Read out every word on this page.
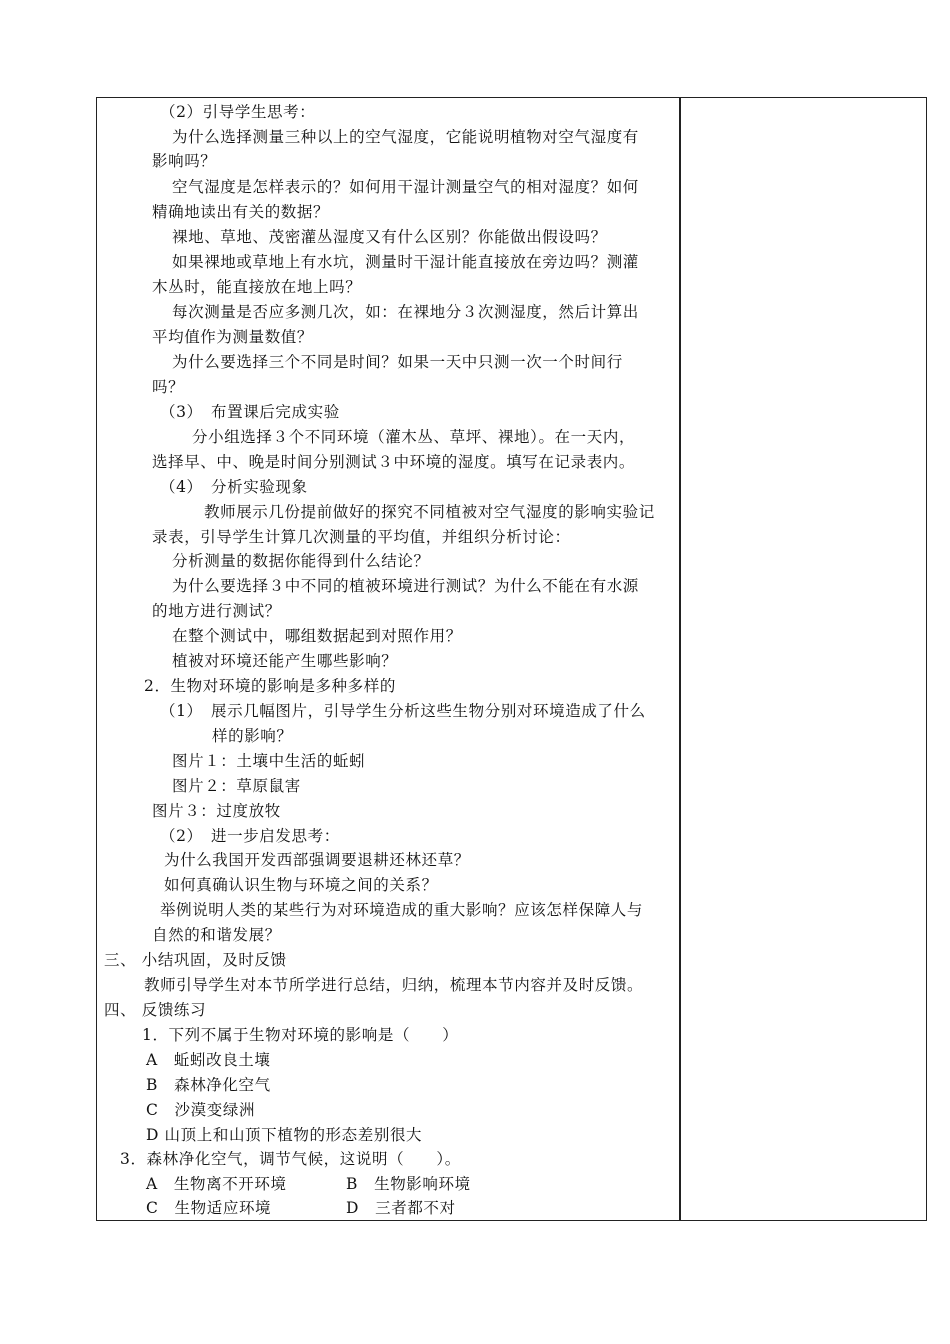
（2）引导学生思考：
为什么选择测量三种以上的空气湿度，它能说明植物对空气湿度有
影响吗？
空气湿度是怎样表示的？如何用干湿计测量空气的相对湿度？如何
精确地读出有关的数据？
裸地、草地、茂密灌丛湿度又有什么区别？你能做出假设吗？
如果裸地或草地上有水坑，测量时干湿计能直接放在旁边吗？测灌
木丛时，能直接放在地上吗？
每次测量是否应多测几次，如：在裸地分３次测湿度，然后计算出
平均值作为测量数值？
为什么要选择三个不同是时间？如果一天中只测一次一个时间行
吗？
（3）　布置课后完成实验
分小组选择３个不同环境（灌木丛、草坪、裸地）。在一天内，
选择早、中、晚是时间分别测试３中环境的湿度。填写在记录表内。
（4）　分析实验现象
教师展示几份提前做好的探究不同植被对空气湿度的影响实验记
录表，引导学生计算几次测量的平均值，并组织分析讨论：
分析测量的数据你能得到什么结论？
为什么要选择３中不同的植被环境进行测试？为什么不能在有水源
的地方进行测试？
在整个测试中，哪组数据起到对照作用？
植被对环境还能产生哪些影响？
2．生物对环境的影响是多种多样的
（1）　展示几幅图片，引导学生分析这些生物分别对环境造成了什么
样的影响？
图片１：土壤中生活的蚯蚓
图片２：草原鼠害
图片３：过度放牧
（2）　进一步启发思考：
为什么我国开发西部强调要退耕还林还草？
如何真确认识生物与环境之间的关系？
举例说明人类的某些行为对环境造成的重大影响？应该怎样保障人与
自然的和谐发展？
三、 小结巩固，及时反馈
教师引导学生对本节所学进行总结，归纳，梳理本节内容并及时反馈。
四、 反馈练习
1．下列不属于生物对环境的影响是（　　）
A　蚯蚓改良土壤
B　森林净化空气
C　沙漠变绿洲
D 山顶上和山顶下植物的形态差别很大
3．森林净化空气，调节气候，这说明（　　）。
A　生物离不开环境	B　生物影响环境
C　生物适应环境	D　三者都不对
